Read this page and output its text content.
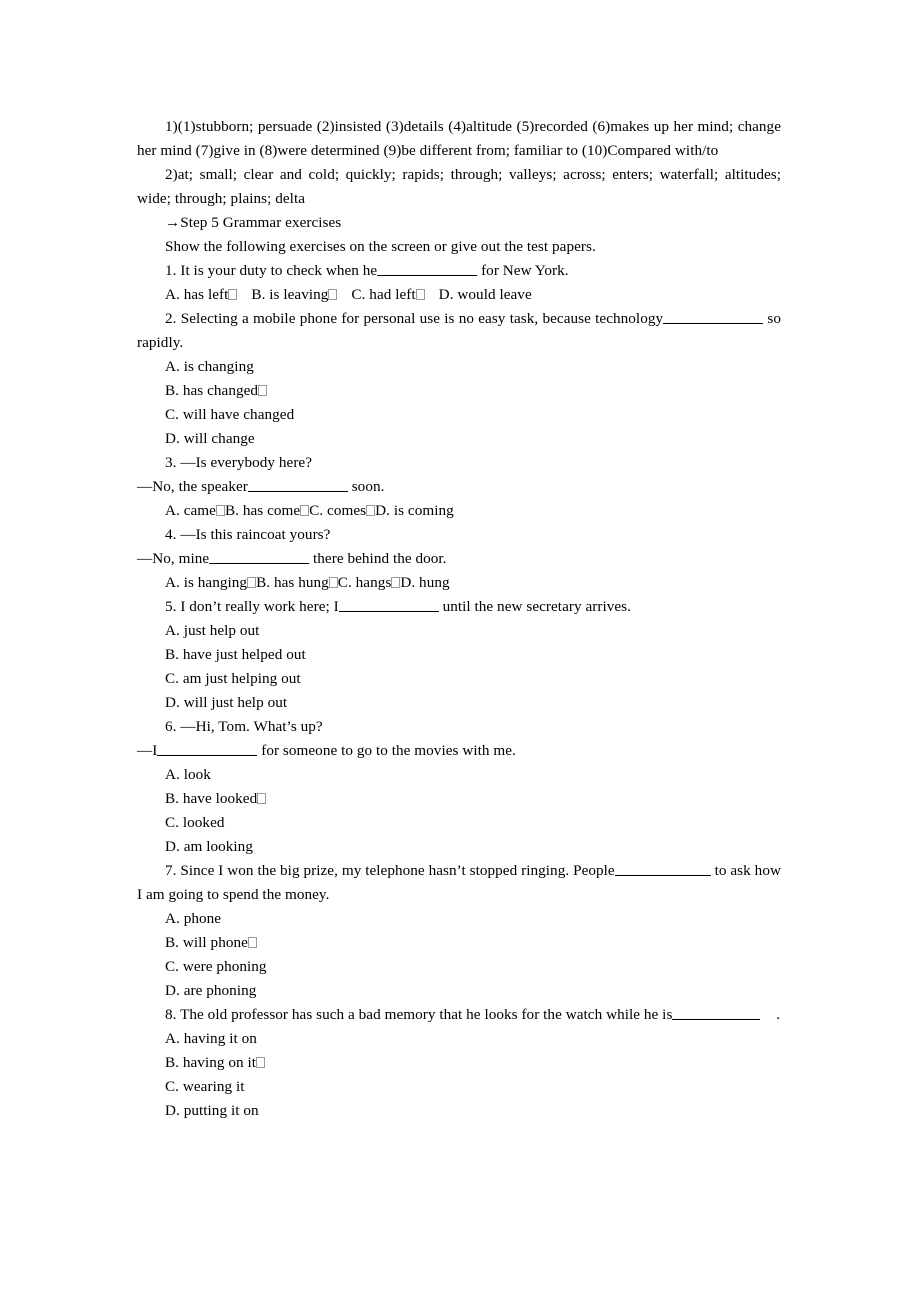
1)(1)stubborn; persuade (2)insisted (3)details (4)altitude (5)recorded (6)makes up her mind; change her mind (7)give in (8)were determined (9)be different from; familiar to (10)Compared with/to

2)at; small; clear and cold; quickly; rapids; through; valleys; across; enters; waterfall; altitudes; wide; through; plains; delta

→Step 5 Grammar exercises

Show the following exercises on the screen or give out the test papers.

1. It is your duty to check when he	for New York.

A. has left B. is leaving C. had left D. would leave

2. Selecting a mobile phone for personal use is no easy task, because technology	so rapidly.

A. is changing

B. has changed

C. will have changed

D. will change

3. —Is everybody here?

—No, the speaker	soon.

A. came B. has come C. comes D. is coming

4. —Is this raincoat yours?

—No, mine	there behind the door.

A. is hanging B. has hung C. hangs D. hung

5. I don’t really work here; I	until the new secretary arrives.

A. just help out

B. have just helped out

C. am just helping out

D. will just help out

6. —Hi, Tom. What’s up?

—I	for someone to go to the movies with me.

A. look

B. have looked

C. looked

D. am looking

7. Since I won the big prize, my telephone hasn’t stopped ringing. People	to ask how I am going to spend the money.

A. phone

B. will phone

C. were phoning

D. are phoning

8. The old professor has such a bad memory that he looks for the watch while he is	.

A. having it on

B. having on it

C. wearing it

D. putting it on
